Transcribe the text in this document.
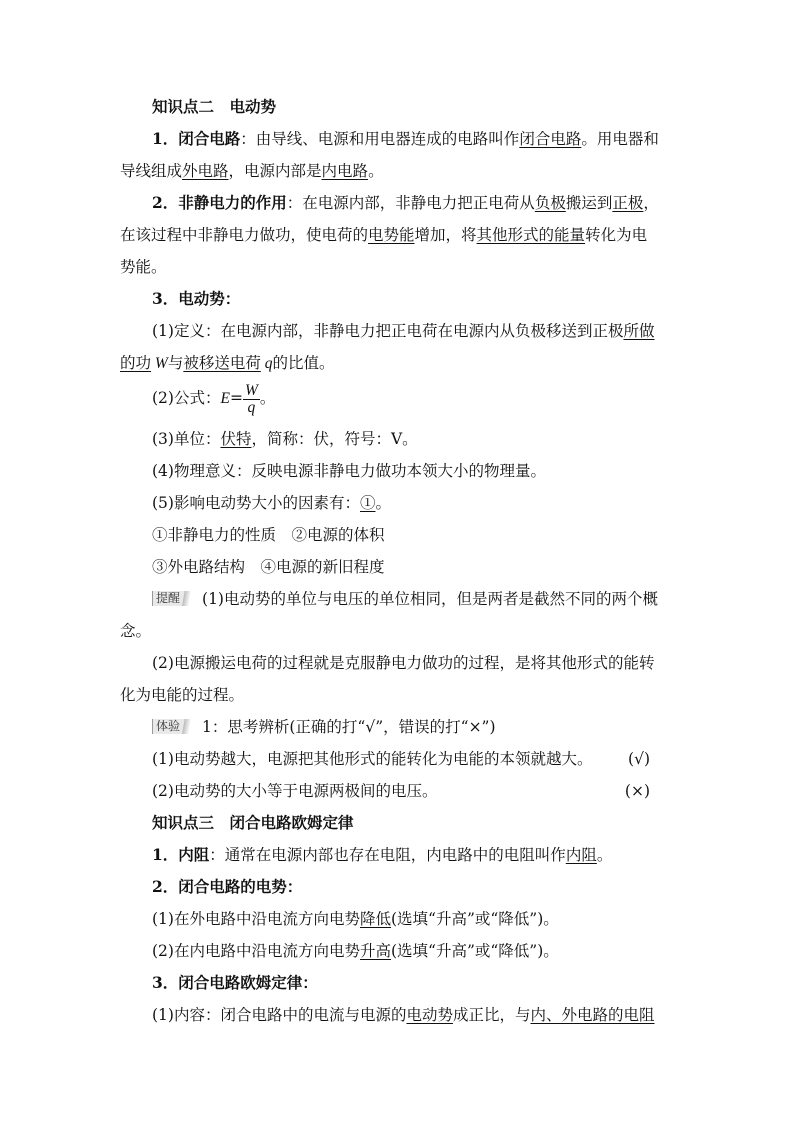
知识点二　电动势
1．闭合电路：由导线、电源和用电器连成的电路叫作闭合电路。用电器和
导线组成外电路，电源内部是内电路。
2．非静电力的作用：在电源内部，非静电力把正电荷从负极搬运到正极，
在该过程中非静电力做功，使电荷的电势能增加，将其他形式的能量转化为电
势能。
3．电动势：
(1)定义：在电源内部，非静电力把正电荷在电源内从负极移送到正极所做
的功 W与被移送电荷 q的比值。
(2)公式：$E= \frac{W}{q}$ 。
(3)单位：伏特，简称：伏，符号：V。
(4)物理意义：反映电源非静电力做功本领大小的物理量。
(5)影响电动势大小的因素有：①。
①非静电力的性质　②电源的体积
③外电路结构　④电源的新旧程度
提醒 (1)电动势的单位与电压的单位相同，但是两者是截然不同的两个概
念。
(2)电源搬运电荷的过程就是克服静电力做功的过程，是将其他形式的能转
化为电能的过程。
体验 1：思考辨析(正确的打“√”，错误的打“×”)
(1)电动势越大，电源把其他形式的能转化为电能的本领就越大。 (√)
(2)电动势的大小等于电源两极间的电压。	(×)
知识点三　闭合电路欧姆定律
1．内阻：通常在电源内部也存在电阻，内电路中的电阻叫作内阻。
2．闭合电路的电势：
(1)在外电路中沿电流方向电势降低(选填“升高”或“降低”)。
(2)在内电路中沿电流方向电势升高(选填“升高”或“降低”)。
3．闭合电路欧姆定律：
(1)内容：闭合电路中的电流与电源的电动势成正比，与内、外电路的电阻
